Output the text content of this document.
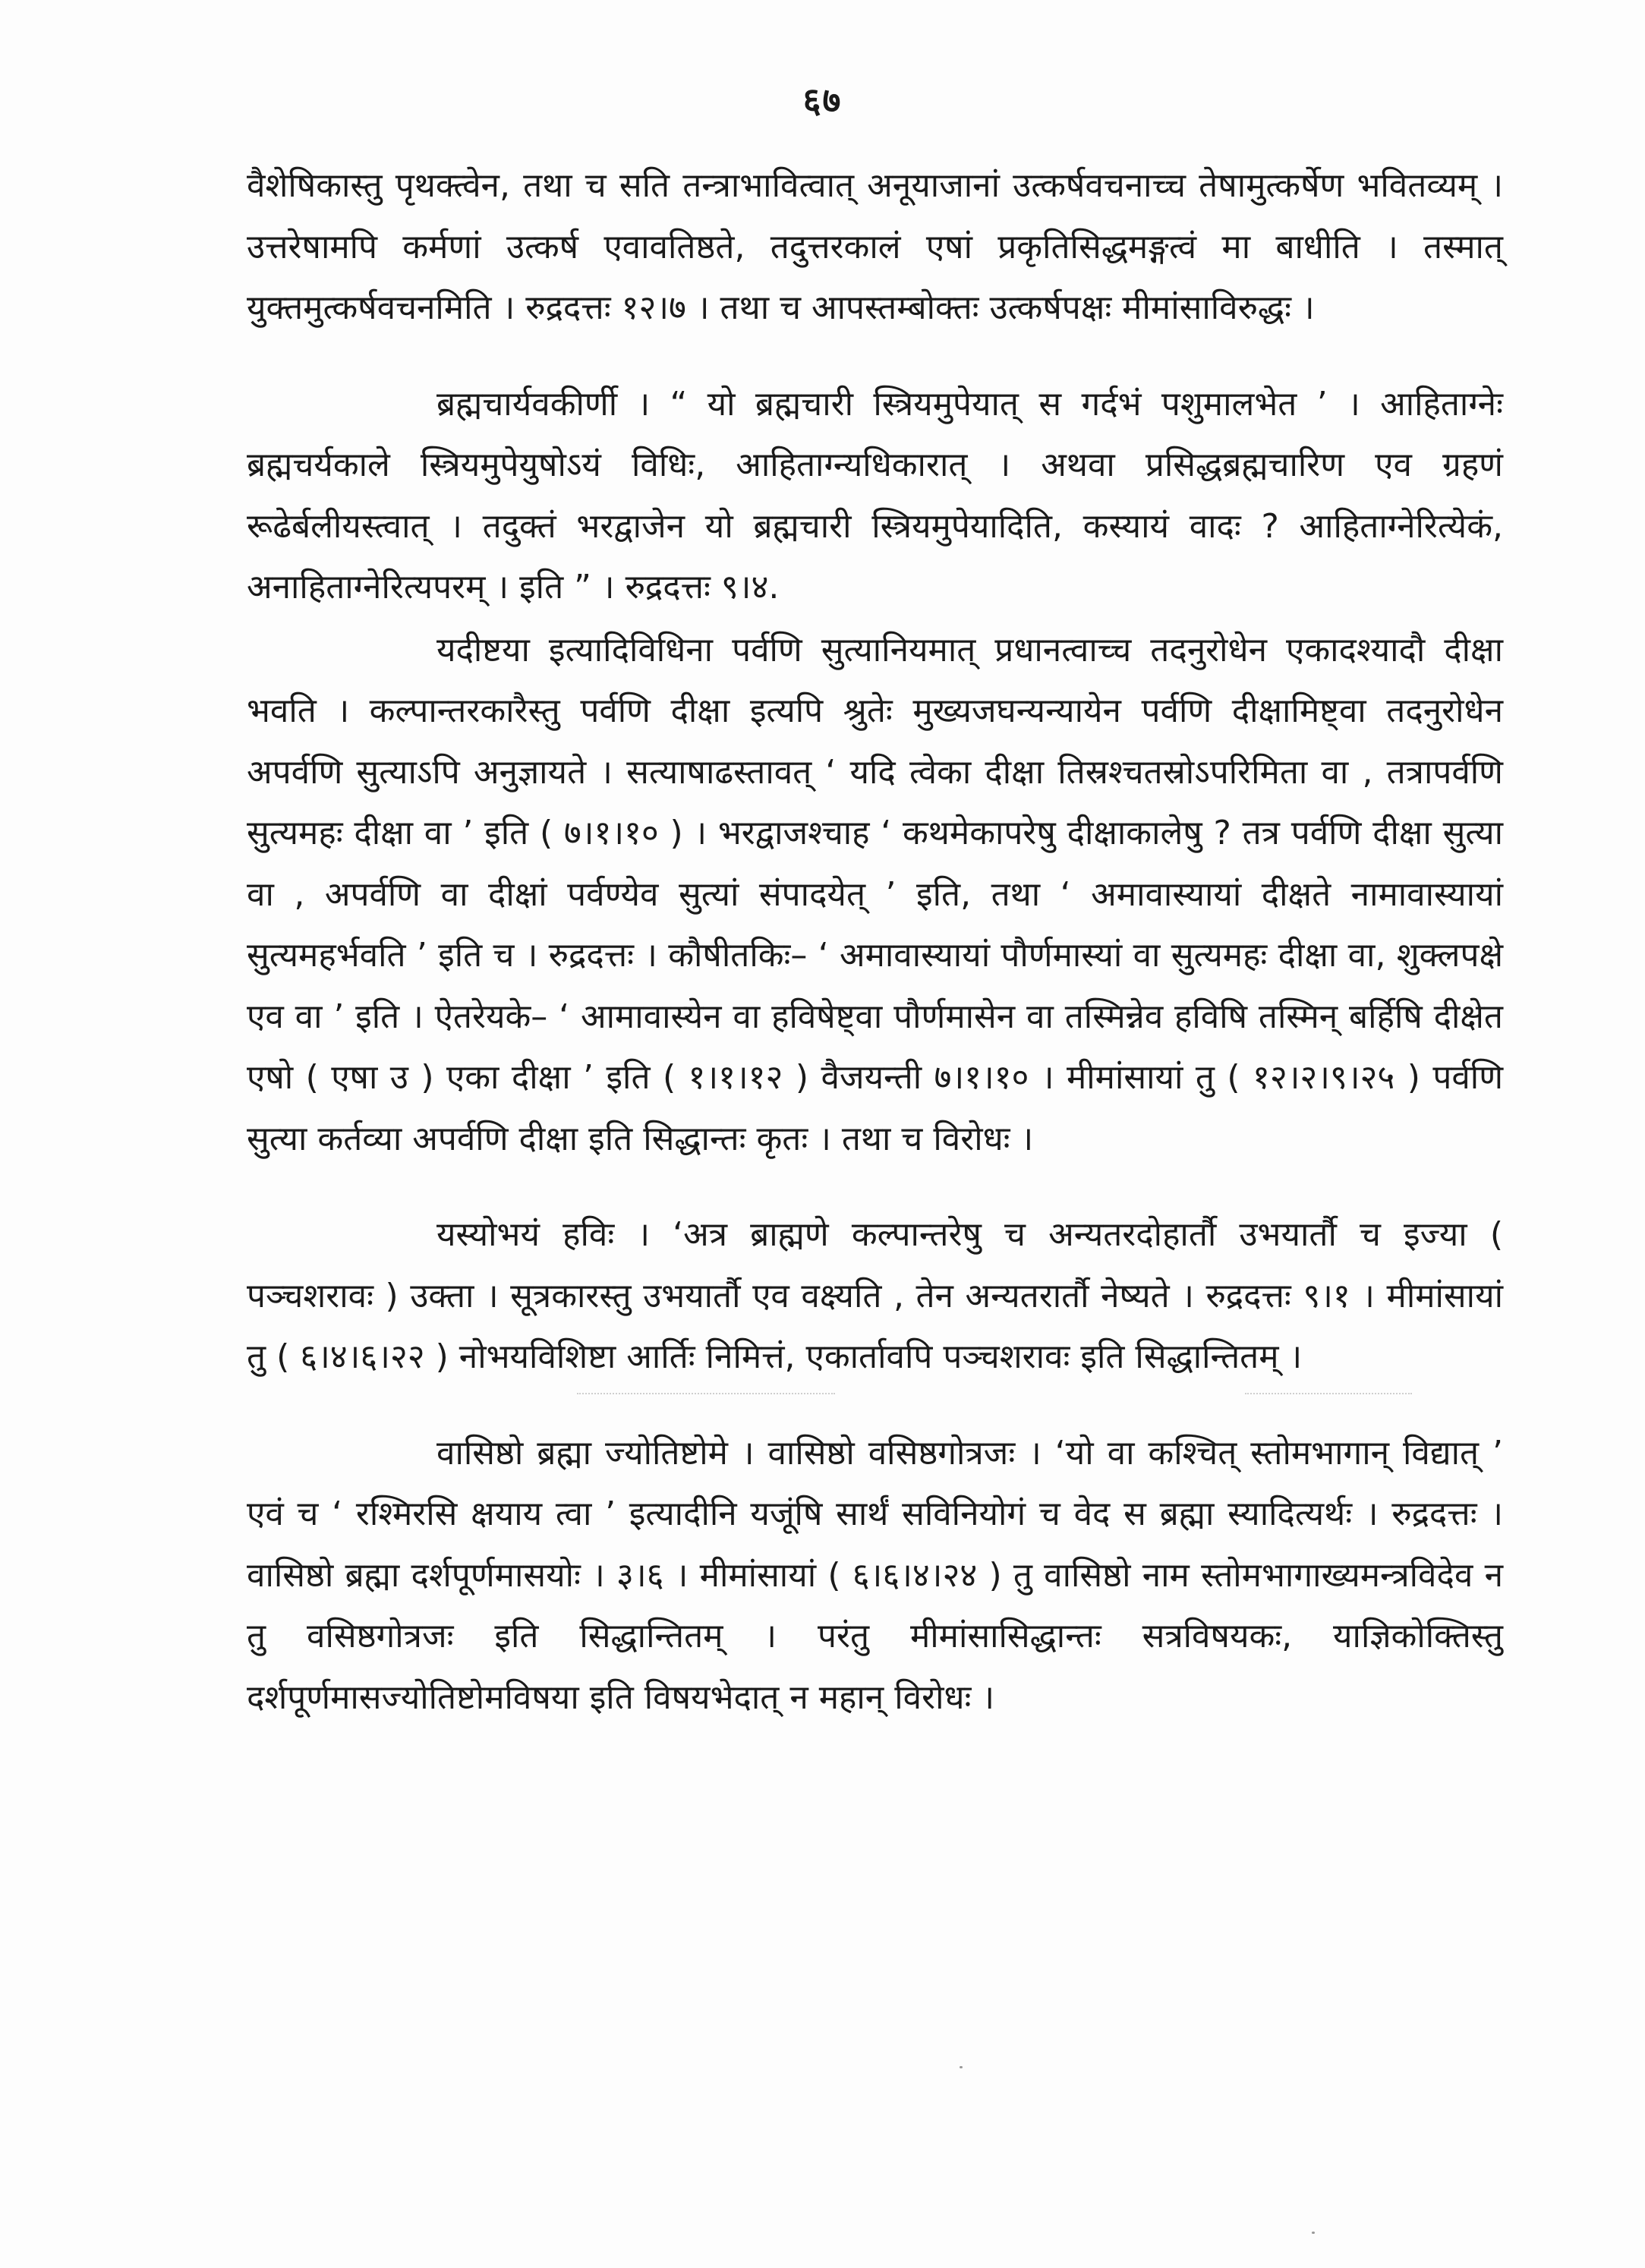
६७

वैशेषिकास्तु पृथक्त्वेन, तथा च सति तन्त्राभावित्वात् अनूयाजानां उत्कर्षवचनाच्च तेषामुत्कर्षेण भवितव्यम् । उत्तरेषामपि कर्मणां उत्कर्ष एवावतिष्ठते, तदुत्तरकालं एषां प्रकृतिसिद्धमङ्गत्वं मा बाधीति । तस्मात् युक्तमुत्कर्षवचनमिति । रुद्रदत्तः १२।७ । तथा च आपस्तम्बोक्तः उत्कर्षपक्षः मीमांसाविरुद्धः ।

ब्रह्मचार्यवकीर्णी । “ यो ब्रह्मचारी स्त्रियमुपेयात् स गर्दभं पशुमालभेत ’ । आहिताग्नेः ब्रह्मचर्यकाले स्त्रियमुपेयुषोऽयं विधिः, आहिताग्न्यधिकारात् । अथवा प्रसिद्धब्रह्मचारिण एव ग्रहणं रूढेर्बलीयस्त्वात् । तदुक्तं भरद्वाजेन यो ब्रह्मचारी स्त्रियमुपेयादिति, कस्यायं वादः ? आहिताग्नेरित्येकं, अनाहिताग्नेरित्यपरम् । इति ” । रुद्रदत्तः ९।४.

यदीष्टया इत्यादिविधिना पर्वणि सुत्यानियमात् प्रधानत्वाच्च तदनुरोधेन एकादश्यादौ दीक्षा भवति । कल्पान्तरकारैस्तु पर्वणि दीक्षा इत्यपि श्रुतेः मुख्यजघन्यन्यायेन पर्वणि दीक्षामिष्ट्वा तदनुरोधेन अपर्वणि सुत्याऽपि अनुज्ञायते । सत्याषाढस्तावत् ‘ यदि त्वेका दीक्षा तिस्रश्चतस्रोऽपरिमिता वा , तत्रापर्वणि सुत्यमहः दीक्षा वा ’ इति ( ७।१।१० ) । भरद्वाजश्चाह ‘ कथमेकापरेषु दीक्षाकालेषु ? तत्र पर्वणि दीक्षा सुत्या वा , अपर्वणि वा दीक्षां पर्वण्येव सुत्यां संपादयेत् ’ इति, तथा ‘ अमावास्यायां दीक्षते नामावास्यायां सुत्यमहर्भवति ’ इति च । रुद्रदत्तः । कौषीतकिः– ‘ अमावास्यायां पौर्णमास्यां वा सुत्यमहः दीक्षा वा, शुक्लपक्षे एव वा ’ इति । ऐतरेयके– ‘ आमावास्येन वा हविषेष्ट्वा पौर्णमासेन वा तस्मिन्नेव हविषि तस्मिन् बर्हिषि दीक्षेत एषो ( एषा उ ) एका दीक्षा ’ इति ( १।१।१२ ) वैजयन्ती ७।१।१० । मीमांसायां तु ( १२।२।९।२५ ) पर्वणि सुत्या कर्तव्या अपर्वणि दीक्षा इति सिद्धान्तः कृतः । तथा च विरोधः ।

यस्योभयं हविः । ‘अत्र ब्राह्मणे कल्पान्तरेषु च अन्यतरदोहार्तौ उभयार्तौ च इज्या ( पञ्चशरावः ) उक्ता । सूत्रकारस्तु उभयार्तौ एव वक्ष्यति , तेन अन्यतरार्तौ नेष्यते । रुद्रदत्तः ९।१ । मीमांसायां तु ( ६।४।६।२२ ) नोभयविशिष्टा आर्तिः निमित्तं, एकार्तावपि पञ्चशरावः इति सिद्धान्तितम् ।

वासिष्ठो ब्रह्मा ज्योतिष्टोमे । वासिष्ठो वसिष्ठगोत्रजः । ‘यो वा कश्चित् स्तोमभागान् विद्यात् ’ एवं च ‘ रश्मिरसि क्षयाय त्वा ’ इत्यादीनि यजूंषि सार्थं सविनियोगं च वेद स ब्रह्मा स्यादित्यर्थः । रुद्रदत्तः । वासिष्ठो ब्रह्मा दर्शपूर्णमासयोः । ३।६ । मीमांसायां ( ६।६।४।२४ ) तु वासिष्ठो नाम स्तोमभागाख्यमन्त्रविदेव न तु वसिष्ठगोत्रजः इति सिद्धान्तितम् । परंतु मीमांसासिद्धान्तः सत्रविषयकः, याज्ञिकोक्तिस्तु दर्शपूर्णमासज्योतिष्टोमविषया इति विषयभेदात् न महान् विरोधः ।
